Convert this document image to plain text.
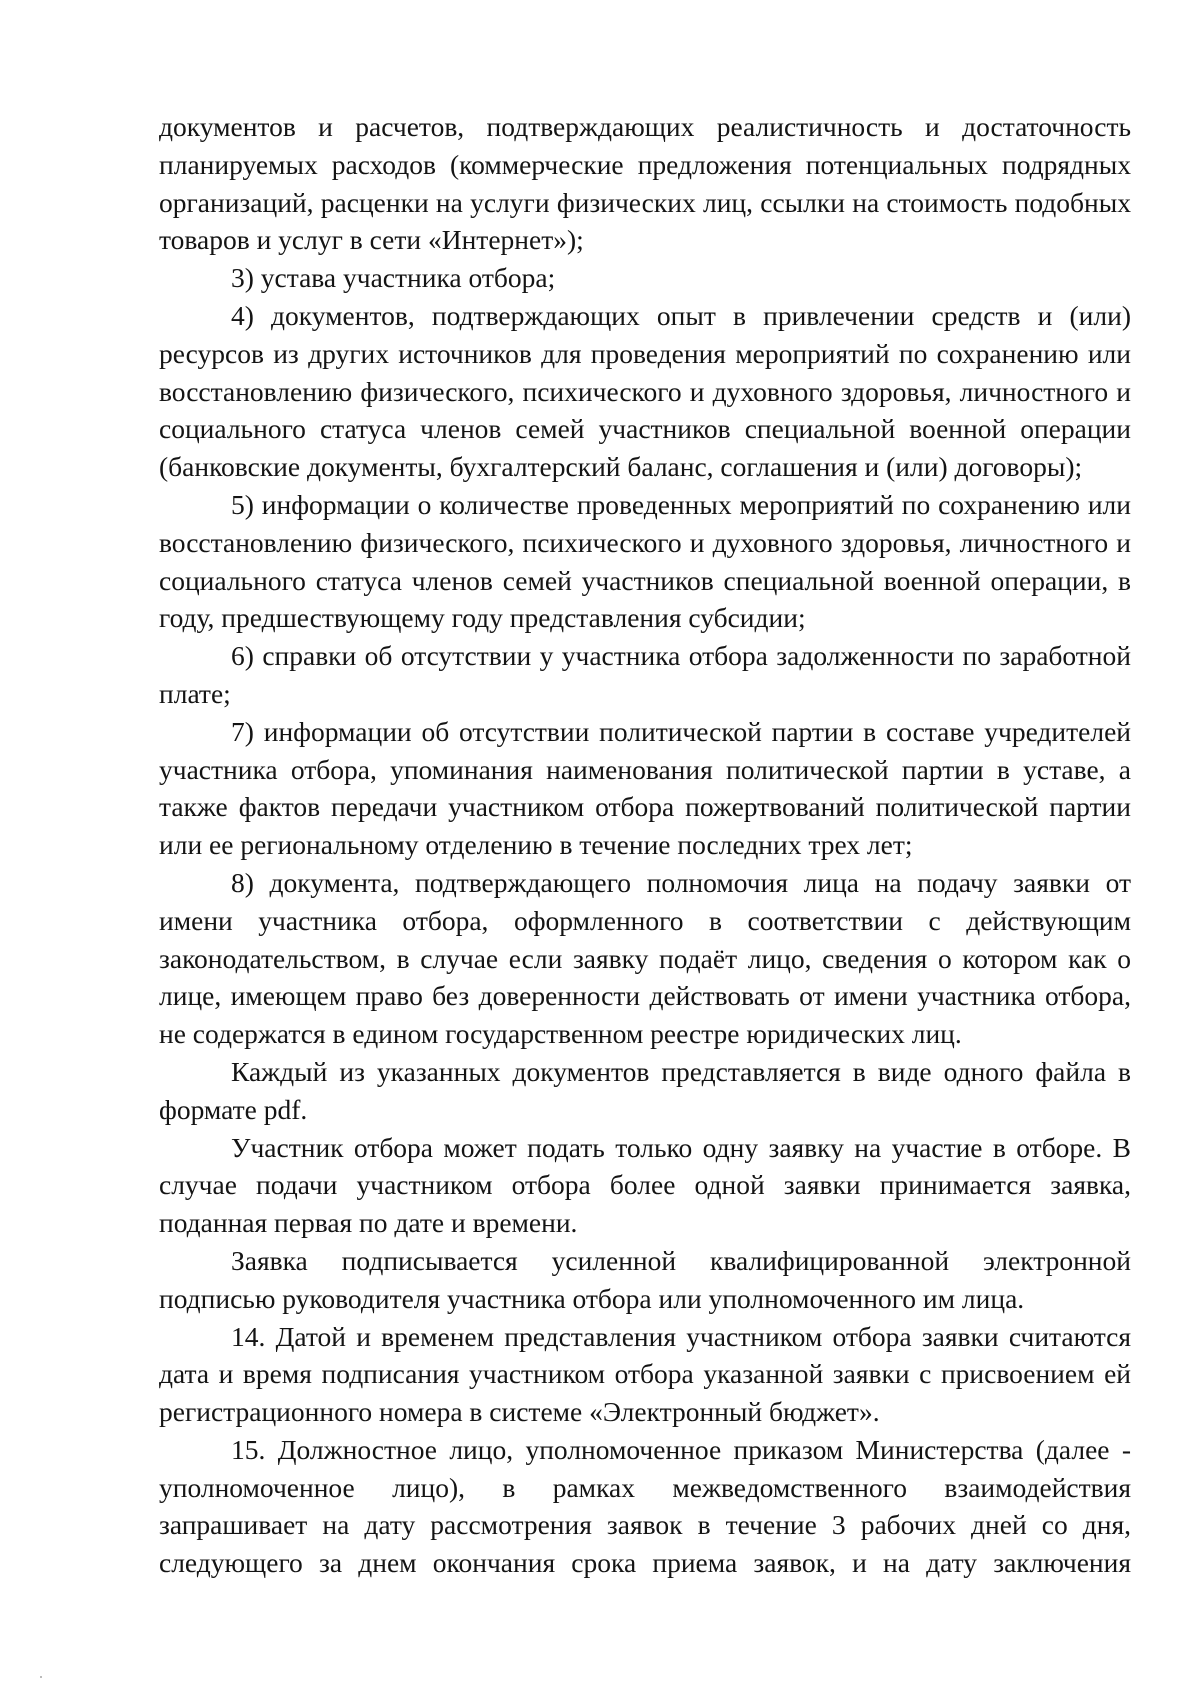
документов и расчетов, подтверждающих реалистичность и достаточность планируемых расходов (коммерческие предложения потенциальных подрядных организаций, расценки на услуги физических лиц, ссылки на стоимость подобных товаров и услуг в сети «Интернет»);

3) устава участника отбора;

4) документов, подтверждающих опыт в привлечении средств и (или) ресурсов из других источников для проведения мероприятий по сохранению или восстановлению физического, психического и духовного здоровья, личностного и социального статуса членов семей участников специальной военной операции (банковские документы, бухгалтерский баланс, соглашения и (или) договоры);

5) информации о количестве проведенных мероприятий по сохранению или восстановлению физического, психического и духовного здоровья, личностного и социального статуса членов семей участников специальной военной операции, в году, предшествующему году представления субсидии;

6) справки об отсутствии у участника отбора задолженности по заработной плате;

7) информации об отсутствии политической партии в составе учредителей участника отбора, упоминания наименования политической партии в уставе, а также фактов передачи участником отбора пожертвований политической партии или ее региональному отделению в течение последних трех лет;

8) документа, подтверждающего полномочия лица на подачу заявки от имени участника отбора, оформленного в соответствии с действующим законодательством, в случае если заявку подаёт лицо, сведения о котором как о лице, имеющем право без доверенности действовать от имени участника отбора, не содержатся в едином государственном реестре юридических лиц.

Каждый из указанных документов представляется в виде одного файла в формате pdf.

Участник отбора может подать только одну заявку на участие в отборе. В случае подачи участником отбора более одной заявки принимается заявка, поданная первая по дате и времени.

Заявка подписывается усиленной квалифицированной электронной подписью руководителя участника отбора или уполномоченного им лица.

14. Датой и временем представления участником отбора заявки считаются дата и время подписания участником отбора указанной заявки с присвоением ей регистрационного номера в системе «Электронный бюджет».

15. Должностное лицо, уполномоченное приказом Министерства (далее - уполномоченное лицо), в рамках межведомственного взаимодействия запрашивает на дату рассмотрения заявок в течение 3 рабочих дней со дня, следующего за днем окончания срока приема заявок, и на дату заключения
